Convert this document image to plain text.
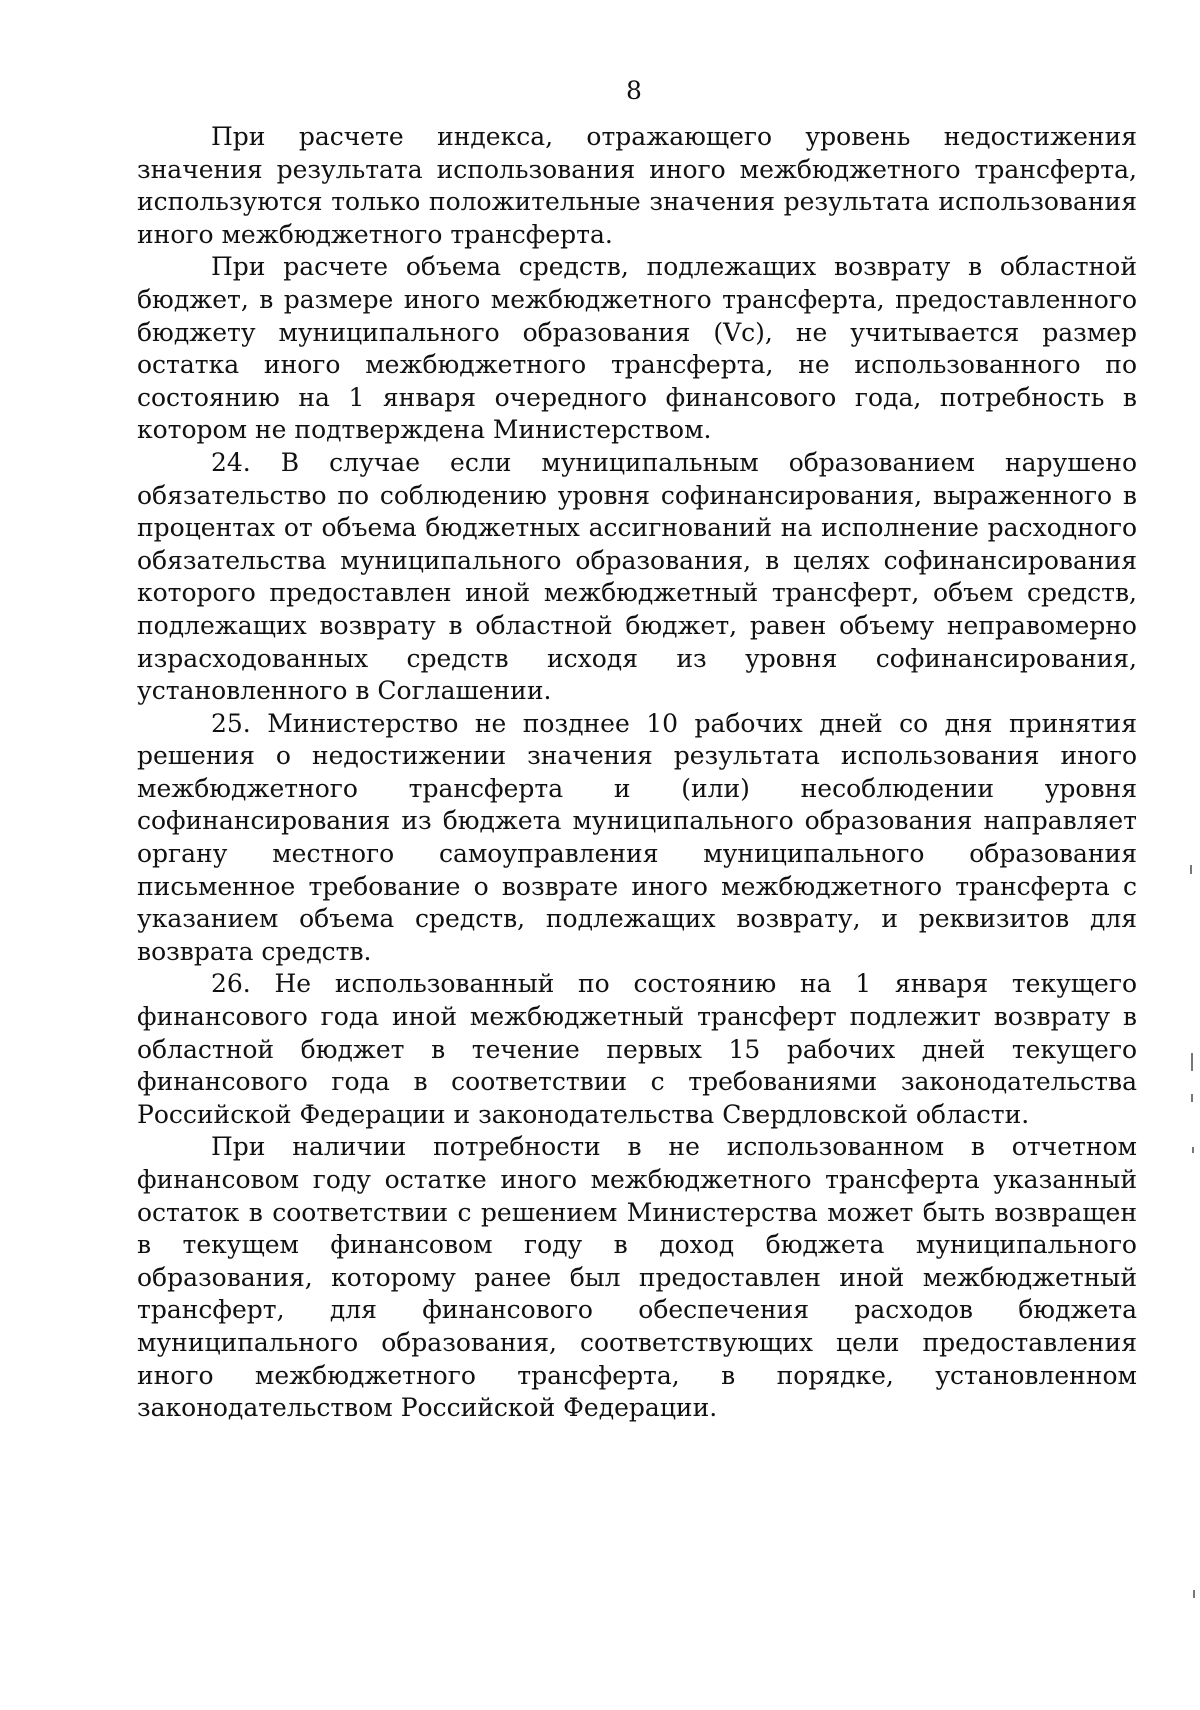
8

При расчете индекса, отражающего уровень недостижения значения результата использования иного межбюджетного трансферта, используются только положительные значения результата использования иного межбюджетного трансферта.

При расчете объема средств, подлежащих возврату в областной бюджет, в размере иного межбюджетного трансферта, предоставленного бюджету муниципального образования (Vc), не учитывается размер остатка иного межбюджетного трансферта, не использованного по состоянию на 1 января очередного финансового года, потребность в котором не подтверждена Министерством.

24. В случае если муниципальным образованием нарушено обязательство по соблюдению уровня софинансирования, выраженного в процентах от объема бюджетных ассигнований на исполнение расходного обязательства муниципального образования, в целях софинансирования которого предоставлен иной межбюджетный трансферт, объем средств, подлежащих возврату в областной бюджет, равен объему неправомерно израсходованных средств исходя из уровня софинансирования, установленного в Соглашении.

25. Министерство не позднее 10 рабочих дней со дня принятия решения о недостижении значения результата использования иного межбюджетного трансферта и (или) несоблюдении уровня софинансирования из бюджета муниципального образования направляет органу местного самоуправления муниципального образования письменное требование о возврате иного межбюджетного трансферта с указанием объема средств, подлежащих возврату, и реквизитов для возврата средств.

26. Не использованный по состоянию на 1 января текущего финансового года иной межбюджетный трансферт подлежит возврату в областной бюджет в течение первых 15 рабочих дней текущего финансового года в соответствии с требованиями законодательства Российской Федерации и законодательства Свердловской области.

При наличии потребности в не использованном в отчетном финансовом году остатке иного межбюджетного трансферта указанный остаток в соответствии с решением Министерства может быть возвращен в текущем финансовом году в доход бюджета муниципального образования, которому ранее был предоставлен иной межбюджетный трансферт, для финансового обеспечения расходов бюджета муниципального образования, соответствующих цели предоставления иного межбюджетного трансферта, в порядке, установленном законодательством Российской Федерации.
